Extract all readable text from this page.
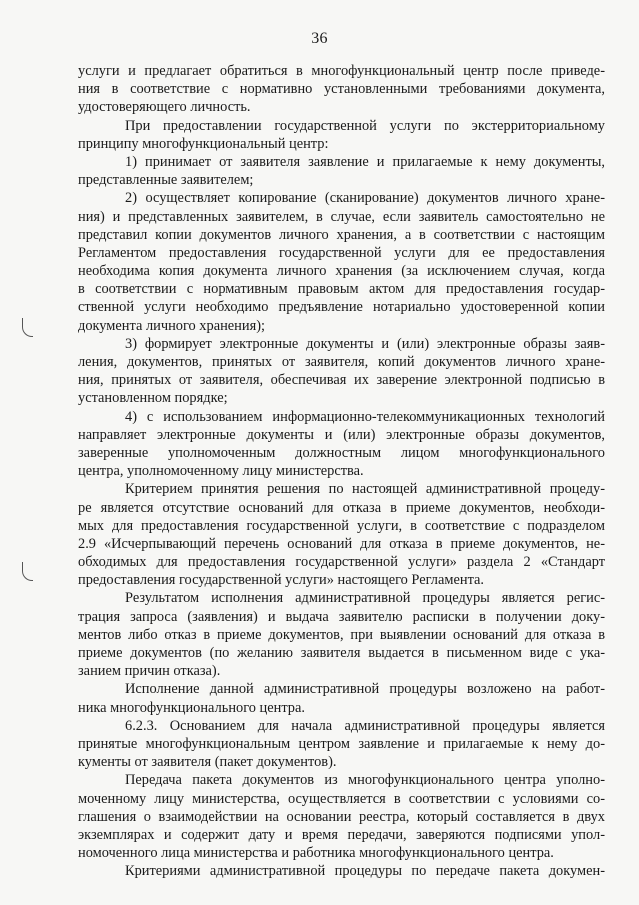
36

услуги и предлагает обратиться в многофункциональный центр после приведе-
ния в соответствие с нормативно установленными требованиями документа,
удостоверяющего личность.

При предоставлении государственной услуги по экстерриториальному
принципу многофункциональный центр:

1) принимает от заявителя заявление и прилагаемые к нему документы,
представленные заявителем;

2) осуществляет копирование (сканирование) документов личного хране-
ния) и представленных заявителем, в случае, если заявитель самостоятельно не
представил копии документов личного хранения, а в соответствии с настоящим
Регламентом предоставления государственной услуги для ее предоставления
необходима копия документа личного хранения (за исключением случая, когда
в соответствии с нормативным правовым актом для предоставления государ-
ственной услуги необходимо предъявление нотариально удостоверенной копии
документа личного хранения);

3) формирует электронные документы и (или) электронные образы заяв-
ления, документов, принятых от заявителя, копий документов личного хране-
ния, принятых от заявителя, обеспечивая их заверение электронной подписью в
установленном порядке;

4) с использованием информационно-телекоммуникационных технологий
направляет электронные документы и (или) электронные образы документов,
заверенные уполномоченным должностным лицом многофункционального
центра, уполномоченному лицу министерства.

Критерием принятия решения по настоящей административной процеду-
ре является отсутствие оснований для отказа в приеме документов, необходи-
мых для предоставления государственной услуги, в соответствие с подразделом
2.9 «Исчерпывающий перечень оснований для отказа в приеме документов, не-
обходимых для предоставления государственной услуги» раздела 2 «Стандарт
предоставления государственной услуги» настоящего Регламента.

Результатом исполнения административной процедуры является регис-
трация запроса (заявления) и выдача заявителю расписки в получении доку-
ментов либо отказ в приеме документов, при выявлении оснований для отказа в
приеме документов (по желанию заявителя выдается в письменном виде с ука-
занием причин отказа).

Исполнение данной административной процедуры возложено на работ-
ника многофункционального центра.

6.2.3. Основанием для начала административной процедуры является
принятые многофункциональным центром заявление и прилагаемые к нему до-
кументы от заявителя (пакет документов).

Передача пакета документов из многофункционального центра уполно-
моченному лицу министерства, осуществляется в соответствии с условиями со-
глашения о взаимодействии на основании реестра, который составляется в двух
экземплярах и содержит дату и время передачи, заверяются подписями упол-
номоченного лица министерства и работника многофункционального центра.

Критериями административной процедуры по передаче пакета докумен-
